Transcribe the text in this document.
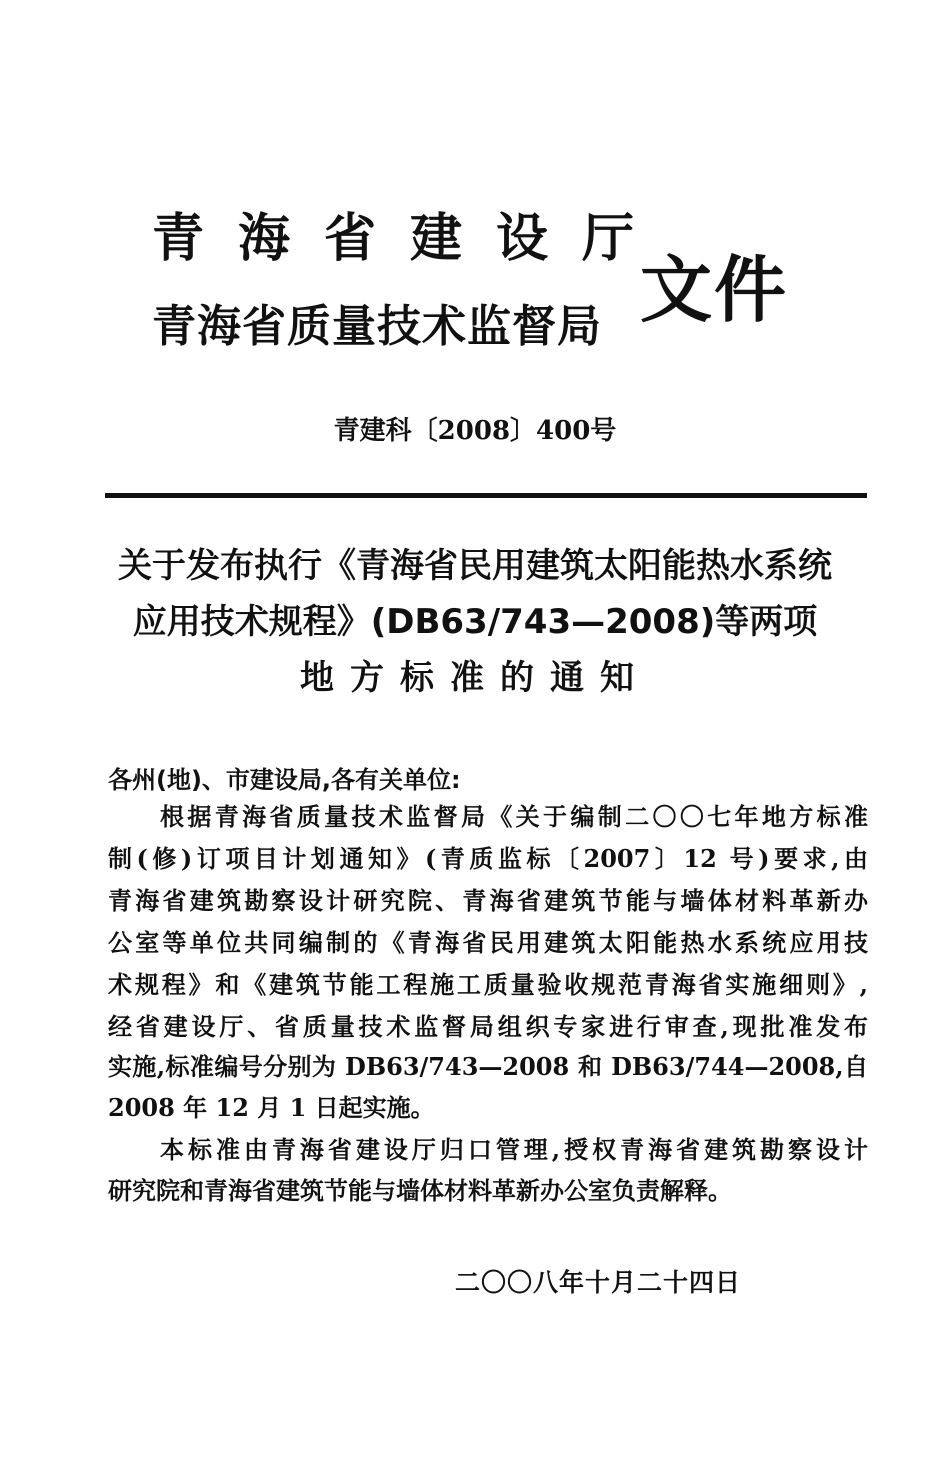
青海省建设厅
青海省质量技术监督局 文件
青建科〔2008〕400号
关于发布执行《青海省民用建筑太阳能热水系统
应用技术规程》(DB63/743—2008)等两项
地方标准的通知
各州(地)、市建设局,各有关单位:
根据青海省质量技术监督局《关于编制二〇〇七年地方标准
制(修)订项目计划通知》(青质监标〔2007〕12 号)要求,由
青海省建筑勘察设计研究院、青海省建筑节能与墙体材料革新办
公室等单位共同编制的《青海省民用建筑太阳能热水系统应用技
术规程》和《建筑节能工程施工质量验收规范青海省实施细则》,
经省建设厅、省质量技术监督局组织专家进行审查,现批准发布
实施,标准编号分别为 DB63/743—2008 和 DB63/744—2008,自
2008 年 12 月 1 日起实施。
本标准由青海省建设厅归口管理,授权青海省建筑勘察设计
研究院和青海省建筑节能与墙体材料革新办公室负责解释。
二〇〇八年十月二十四日
